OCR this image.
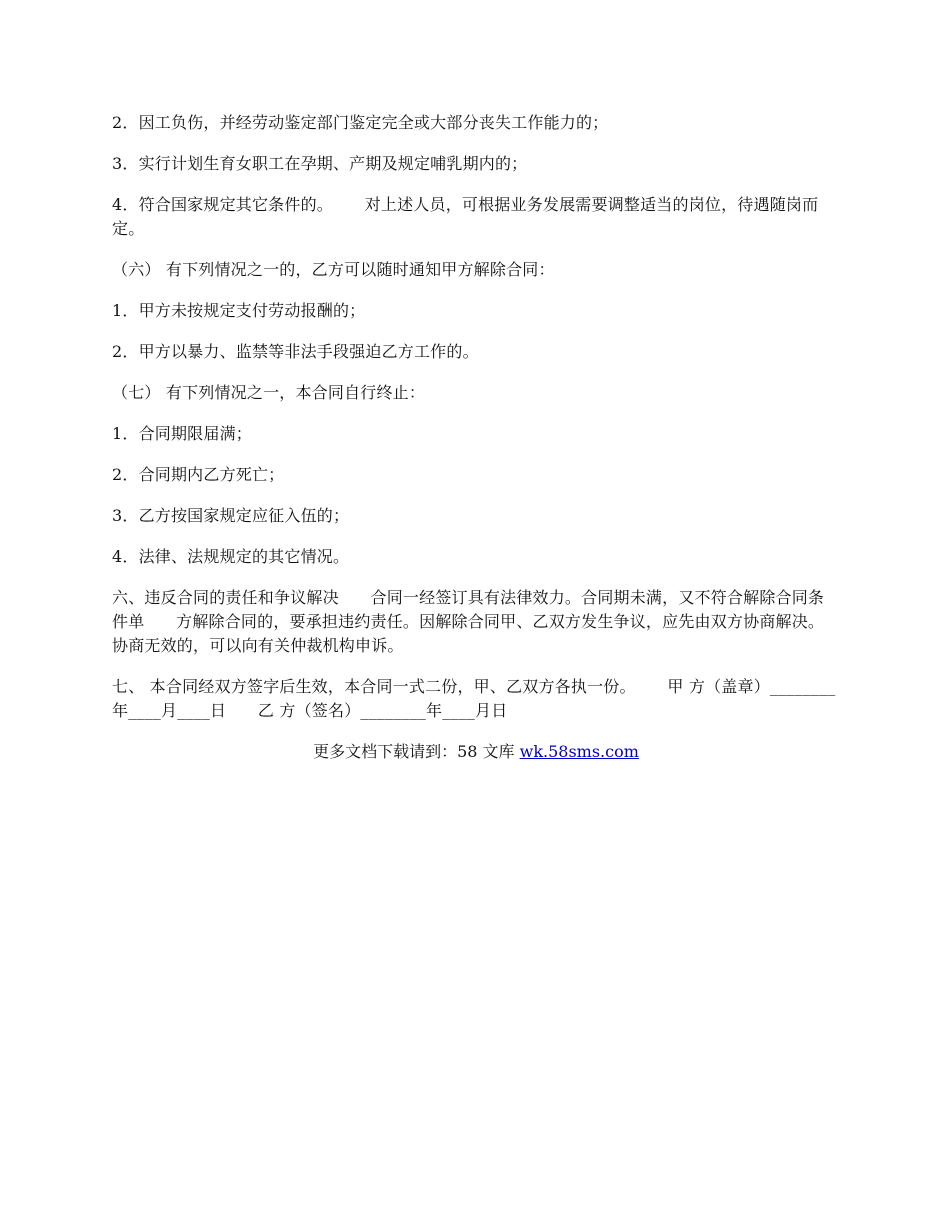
2．因工负伤，并经劳动鉴定部门鉴定完全或大部分丧失工作能力的；

3．实行计划生育女职工在孕期、产期及规定哺乳期内的；

4．符合国家规定其它条件的。      对上述人员，可根据业务发展需要调整适当的岗位，待遇随岗而定。

（六） 有下列情况之一的，乙方可以随时通知甲方解除合同：

1．甲方未按规定支付劳动报酬的；

2．甲方以暴力、监禁等非法手段强迫乙方工作的。

（七） 有下列情况之一，本合同自行终止：

1．合同期限届满；

2．合同期内乙方死亡；

3．乙方按国家规定应征入伍的；

4．法律、法规规定的其它情况。

六、违反合同的责任和争议解决      合同一经签订具有法律效力。合同期未满，又不符合解除合同条件单      方解除合同的，要承担违约责任。因解除合同甲、乙双方发生争议，应先由双方协商解决。协商无效的，可以向有关仲裁机构申诉。

七、 本合同经双方签字后生效，本合同一式二份，甲、乙双方各执一份。      甲 方（盖章）________年____月____日      乙 方（签名）________年____月日

更多文档下载请到：58 文库 wk.58sms.com
